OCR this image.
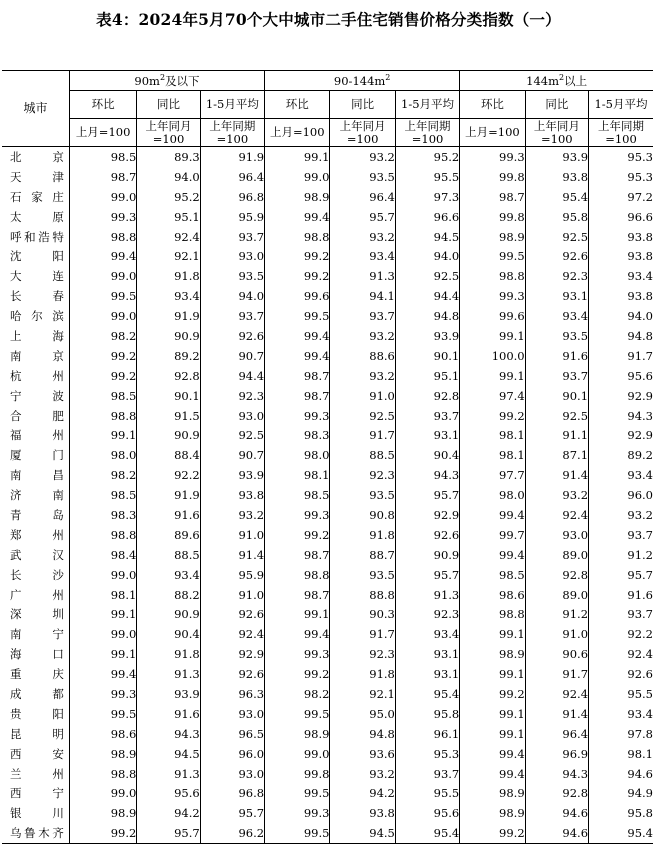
表4：2024年5月70个大中城市二手住宅销售价格分类指数（一）
城市	$90m^2$及以下			$90-144m^2$			$144m^2$以上		
	环比	同比	1-5月平均	环比	同比	1-5月平均	环比	同比	1-5月平均
	上月=100	上年同月=100	上年同期=100	上月=100	上年同月=100	上年同期=100	上月=100	上年同月=100	上年同期=100
北京	98.5	89.3	91.9	99.1	93.2	95.2	99.3	93.9	95.3
天津	98.7	94.0	96.4	99.0	93.5	95.5	99.8	93.8	95.3
石家庄	99.0	95.2	96.8	98.9	96.4	97.3	98.7	95.4	97.2
太原	99.3	95.1	95.9	99.4	95.7	96.6	99.8	95.8	96.6
呼和浩特	98.8	92.4	93.7	98.8	93.2	94.5	98.9	92.5	93.8
沈阳	99.4	92.1	93.0	99.2	93.4	94.0	99.5	92.6	93.8
大连	99.0	91.8	93.5	99.2	91.3	92.5	98.8	92.3	93.4
长春	99.5	93.4	94.0	99.6	94.1	94.4	99.3	93.1	93.8
哈尔滨	99.0	91.9	93.7	99.5	93.7	94.8	99.6	93.4	94.0
上海	98.2	90.9	92.6	99.4	93.2	93.9	99.1	93.5	94.8
南京	99.2	89.2	90.7	99.4	88.6	90.1	100.0	91.6	91.7
杭州	99.2	92.8	94.4	98.7	93.2	95.1	99.1	93.7	95.6
宁波	98.5	90.1	92.3	98.7	91.0	92.8	97.4	90.1	92.9
合肥	98.8	91.5	93.0	99.3	92.5	93.7	99.2	92.5	94.3
福州	99.1	90.9	92.5	98.3	91.7	93.1	98.1	91.1	92.9
厦门	98.0	88.4	90.7	98.0	88.5	90.4	98.1	87.1	89.2
南昌	98.2	92.2	93.9	98.1	92.3	94.3	97.7	91.4	93.4
济南	98.5	91.9	93.8	98.5	93.5	95.7	98.0	93.2	96.0
青岛	98.3	91.6	93.2	99.3	90.8	92.9	99.4	92.4	93.2
郑州	98.8	89.6	91.0	99.2	91.8	92.6	99.7	93.0	93.7
武汉	98.4	88.5	91.4	98.7	88.7	90.9	99.4	89.0	91.2
长沙	99.0	93.4	95.9	98.8	93.5	95.7	98.5	92.8	95.7
广州	98.1	88.2	91.0	98.7	88.8	91.3	98.6	89.0	91.6
深圳	99.1	90.9	92.6	99.1	90.3	92.3	98.8	91.2	93.7
南宁	99.0	90.4	92.4	99.4	91.7	93.4	99.1	91.0	92.2
海口	99.1	91.8	92.9	99.3	92.3	93.1	98.9	90.6	92.4
重庆	99.4	91.3	92.6	99.2	91.8	93.1	99.1	91.7	92.6
成都	99.3	93.9	96.3	98.2	92.1	95.4	99.2	92.4	95.5
贵阳	99.5	91.6	93.0	99.5	95.0	95.8	99.1	91.4	93.4
昆明	98.6	94.3	96.5	98.9	94.8	96.1	99.1	96.4	97.8
西安	98.9	94.5	96.0	99.0	93.6	95.3	99.4	96.9	98.1
兰州	98.8	91.3	93.0	99.8	93.2	93.7	99.4	94.3	94.6
西宁	99.0	95.6	96.8	99.5	94.2	95.5	98.9	92.8	94.9
银川	98.9	94.2	95.7	99.3	93.8	95.6	98.9	94.6	95.8
乌鲁木齐	99.2	95.7	96.2	99.5	94.5	95.4	99.2	94.6	95.4
